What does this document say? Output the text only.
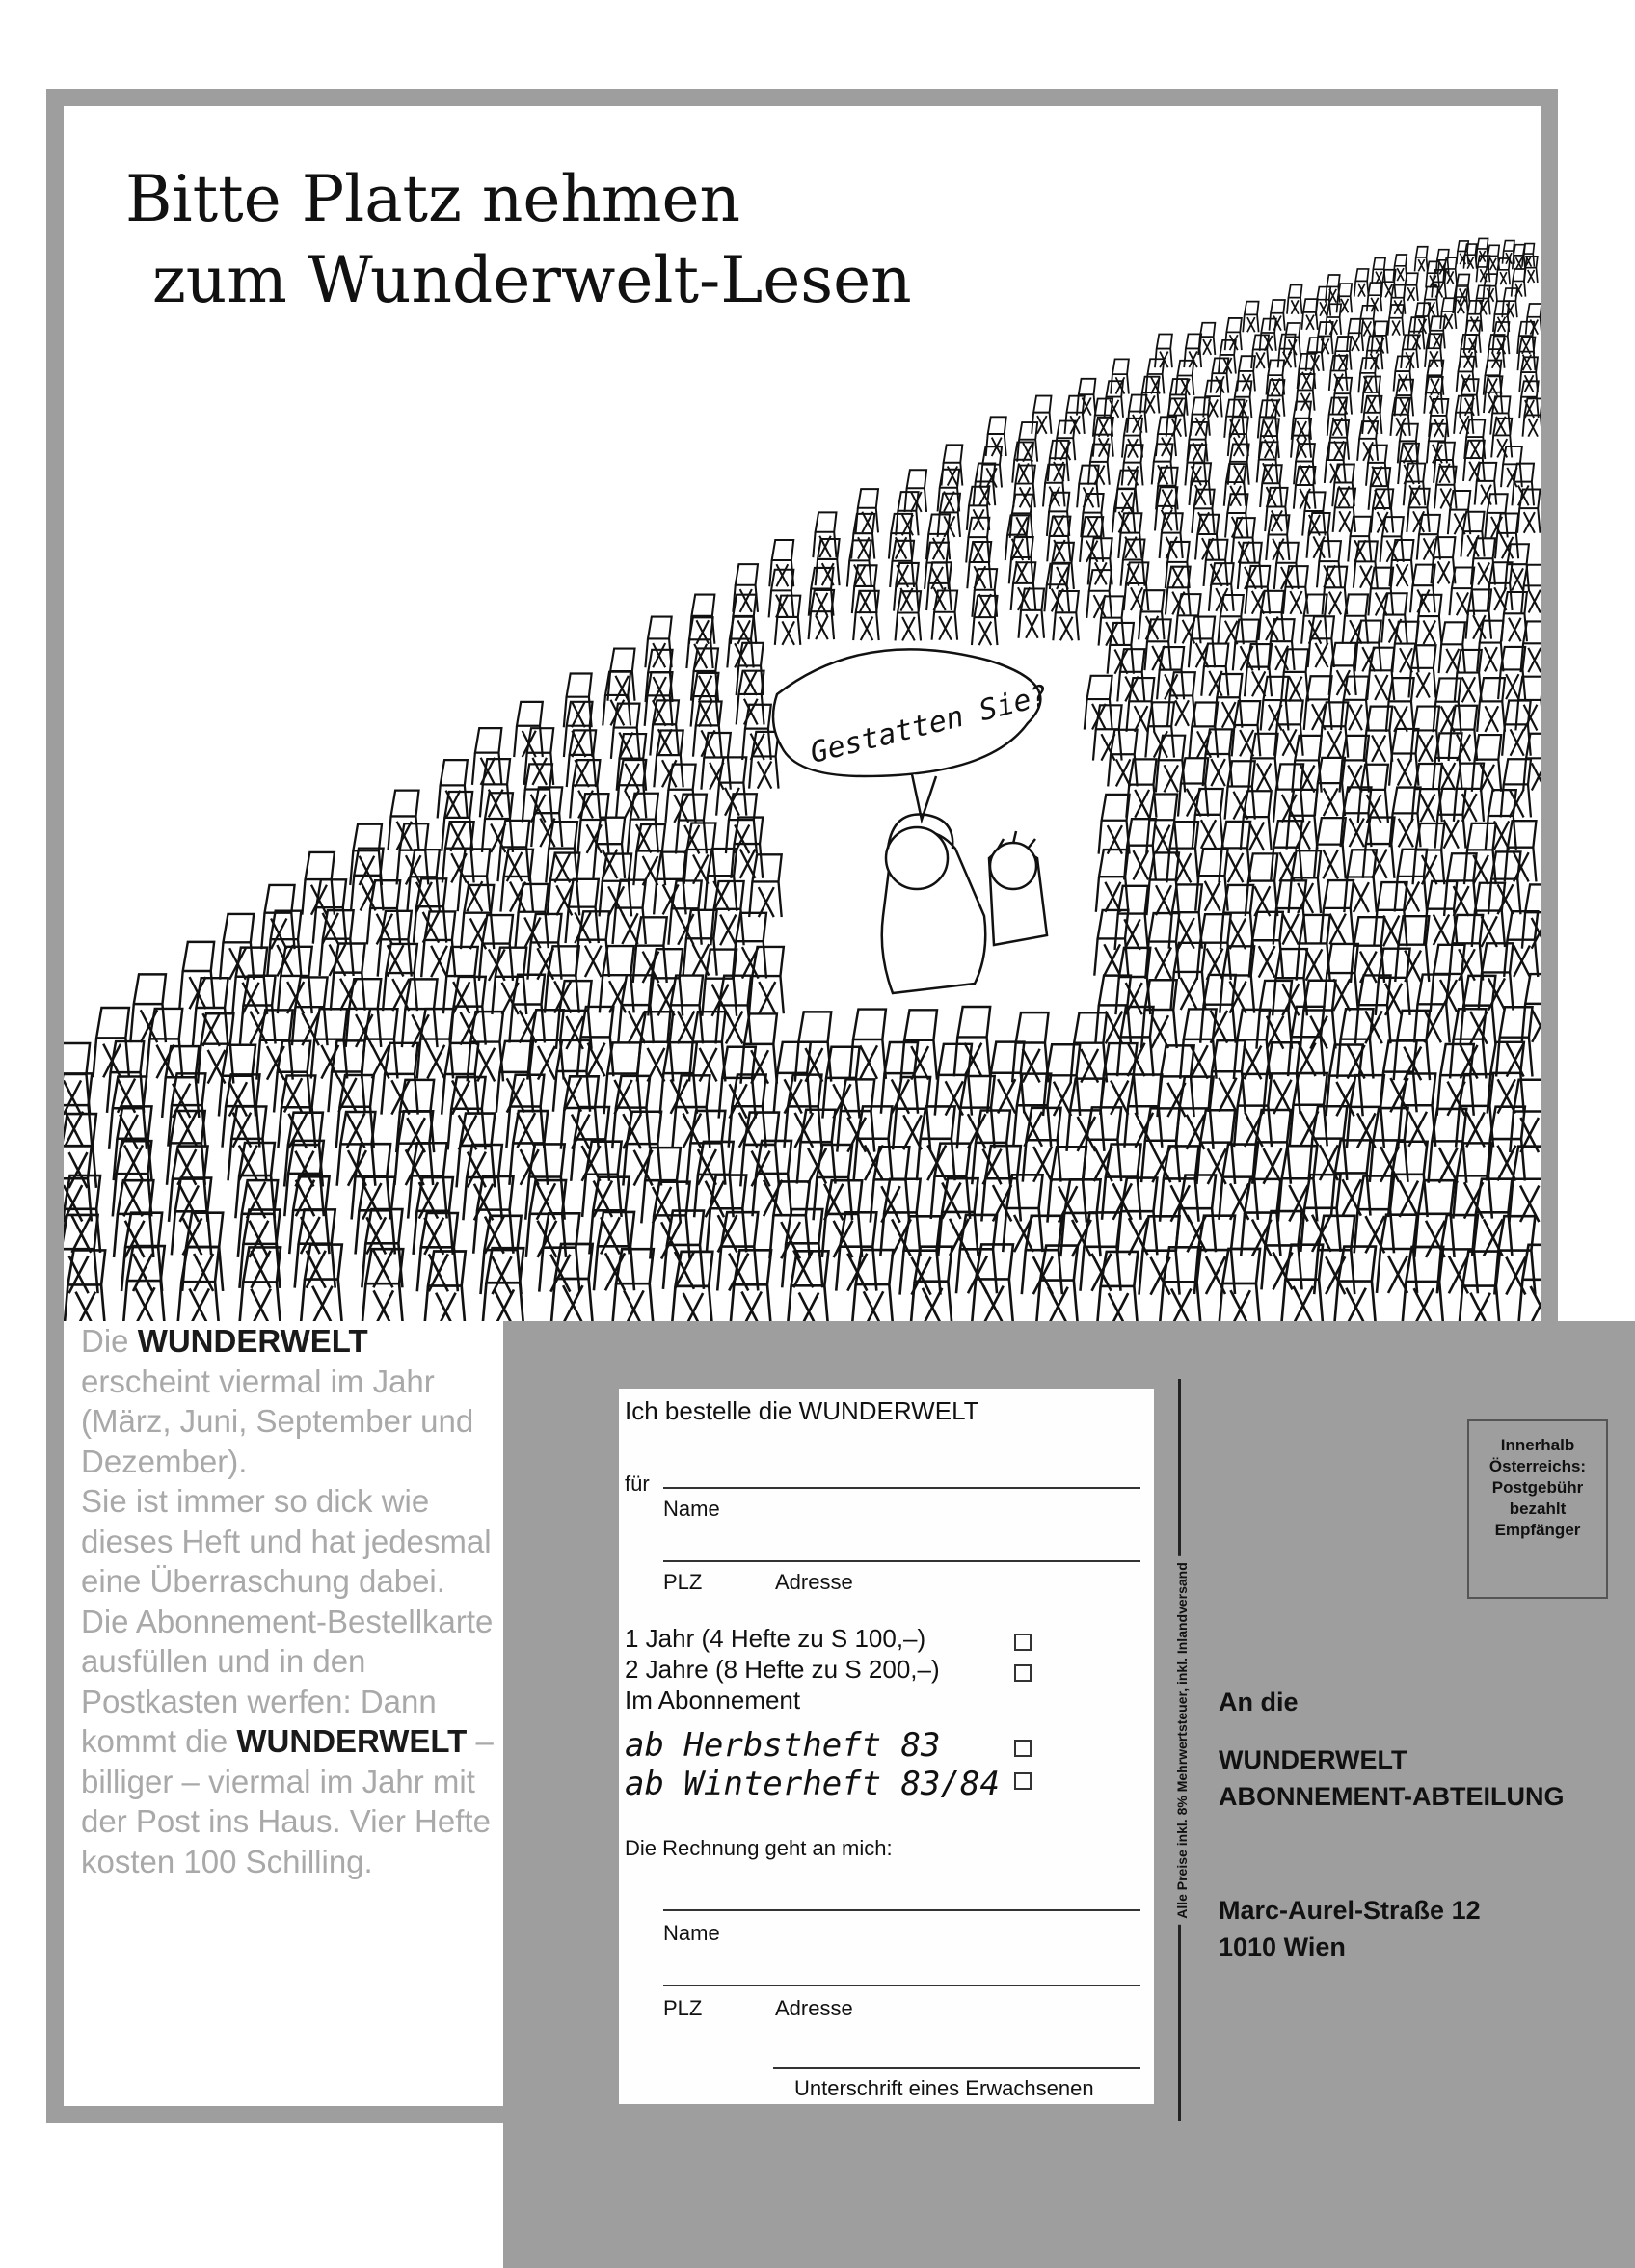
Bitte Platz nehmen
zum Wunderwelt-Lesen
Gestatten Sie?
Die WUNDERWELT erscheint viermal im Jahr (März, Juni, September und Dezember).
Sie ist immer so dick wie dieses Heft und hat jedesmal eine Überraschung dabei.
Die Abonnement-Bestellkarte ausfüllen und in den Postkasten werfen: Dann kommt die WUNDERWELT – billiger – viermal im Jahr mit der Post ins Haus. Vier Hefte kosten 100 Schilling.
Ich bestelle die WUNDERWELT
für
Name
PLZ	Adresse
1 Jahr (4 Hefte zu S 100,–)
2 Jahre (8 Hefte zu S 200,–)
Im Abonnement
ab Herbstheft 83
ab Winterheft 83/84
Die Rechnung geht an mich:
Name
PLZ	Adresse
Unterschrift eines Erwachsenen
Alle Preise inkl. 8% Mehrwertsteuer, inkl. Inlandversand
Innerhalb
Österreichs:
Postgebühr
bezahlt
Empfänger
An die
WUNDERWELT
ABONNEMENT-ABTEILUNG
Marc-Aurel-Straße 12
1010 Wien
